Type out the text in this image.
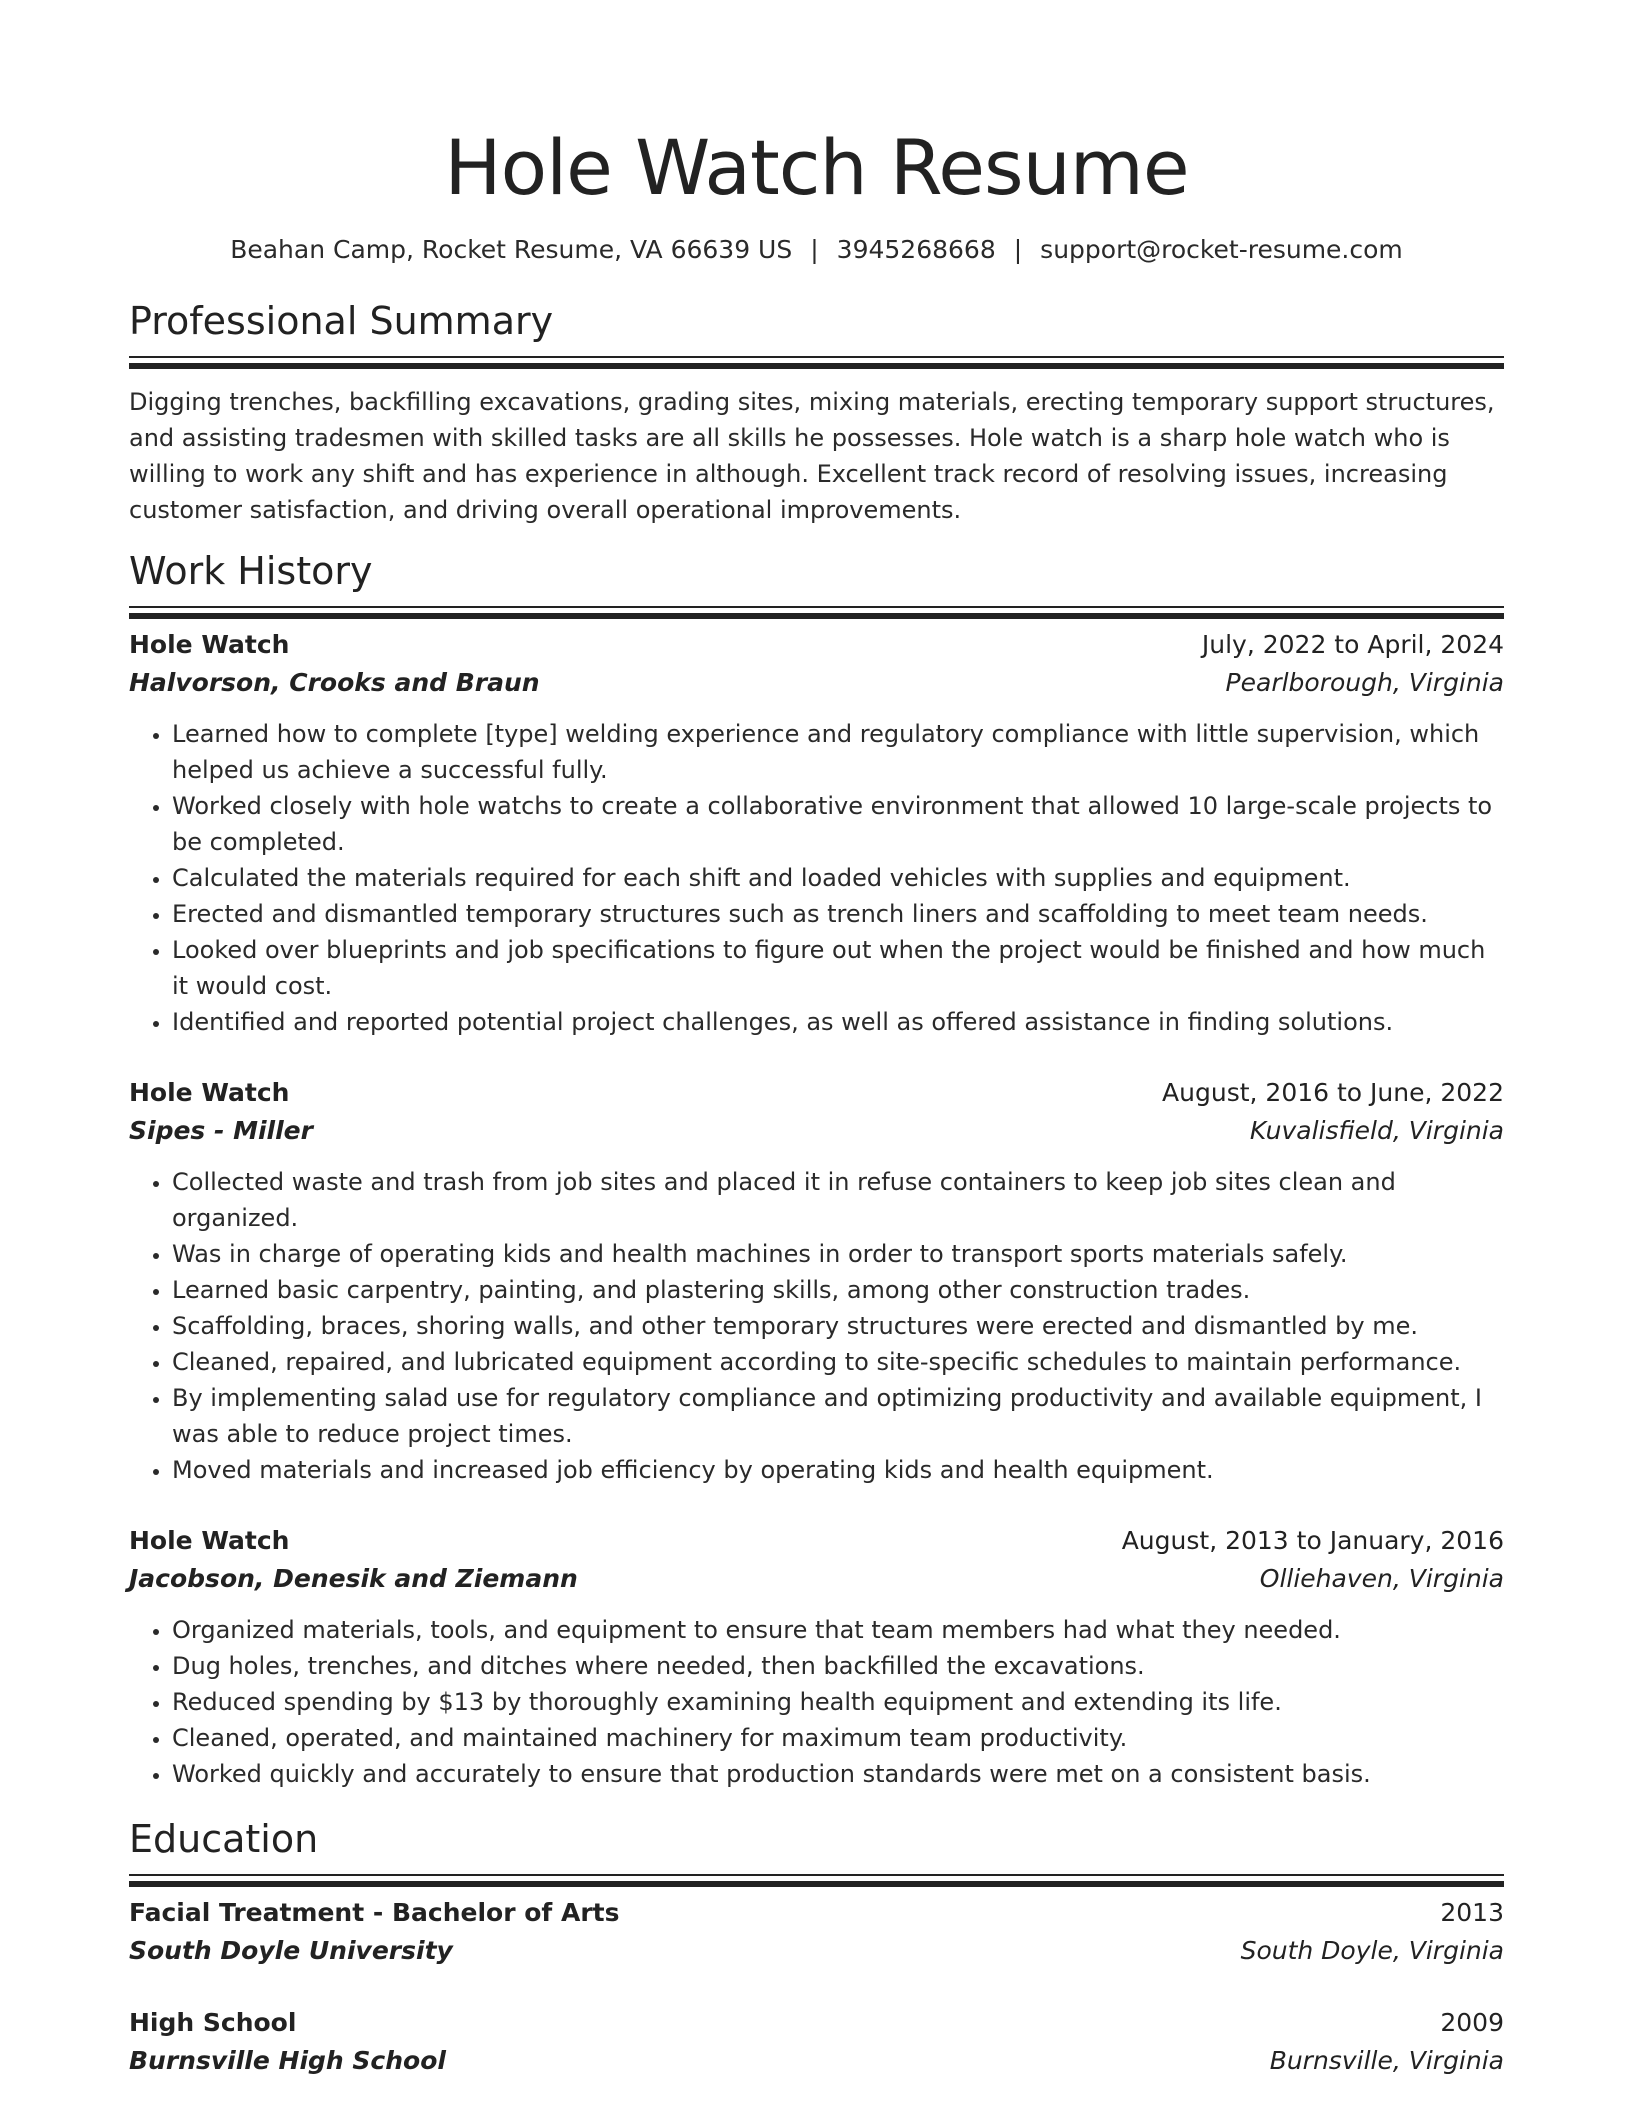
Hole Watch Resume
Beahan Camp, Rocket Resume, VA 66639 US | 3945268668 | support@rocket-resume.com
Professional Summary
Digging trenches, backfilling excavations, grading sites, mixing materials, erecting temporary support structures, and assisting tradesmen with skilled tasks are all skills he possesses. Hole watch is a sharp hole watch who is willing to work any shift and has experience in although. Excellent track record of resolving issues, increasing customer satisfaction, and driving overall operational improvements.
Work History
Hole Watch	July, 2022 to April, 2024
Halvorson, Crooks and Braun	Pearlborough, Virginia
• Learned how to complete [type] welding experience and regulatory compliance with little supervision, which helped us achieve a successful fully.
• Worked closely with hole watchs to create a collaborative environment that allowed 10 large-scale projects to be completed.
• Calculated the materials required for each shift and loaded vehicles with supplies and equipment.
• Erected and dismantled temporary structures such as trench liners and scaffolding to meet team needs.
• Looked over blueprints and job specifications to figure out when the project would be finished and how much it would cost.
• Identified and reported potential project challenges, as well as offered assistance in finding solutions.
Hole Watch	August, 2016 to June, 2022
Sipes - Miller	Kuvalisfield, Virginia
• Collected waste and trash from job sites and placed it in refuse containers to keep job sites clean and organized.
• Was in charge of operating kids and health machines in order to transport sports materials safely.
• Learned basic carpentry, painting, and plastering skills, among other construction trades.
• Scaffolding, braces, shoring walls, and other temporary structures were erected and dismantled by me.
• Cleaned, repaired, and lubricated equipment according to site-specific schedules to maintain performance.
• By implementing salad use for regulatory compliance and optimizing productivity and available equipment, I was able to reduce project times.
• Moved materials and increased job efficiency by operating kids and health equipment.
Hole Watch	August, 2013 to January, 2016
Jacobson, Denesik and Ziemann	Olliehaven, Virginia
• Organized materials, tools, and equipment to ensure that team members had what they needed.
• Dug holes, trenches, and ditches where needed, then backfilled the excavations.
• Reduced spending by $13 by thoroughly examining health equipment and extending its life.
• Cleaned, operated, and maintained machinery for maximum team productivity.
• Worked quickly and accurately to ensure that production standards were met on a consistent basis.
Education
Facial Treatment - Bachelor of Arts	2013
South Doyle University	South Doyle, Virginia
High School	2009
Burnsville High School	Burnsville, Virginia
